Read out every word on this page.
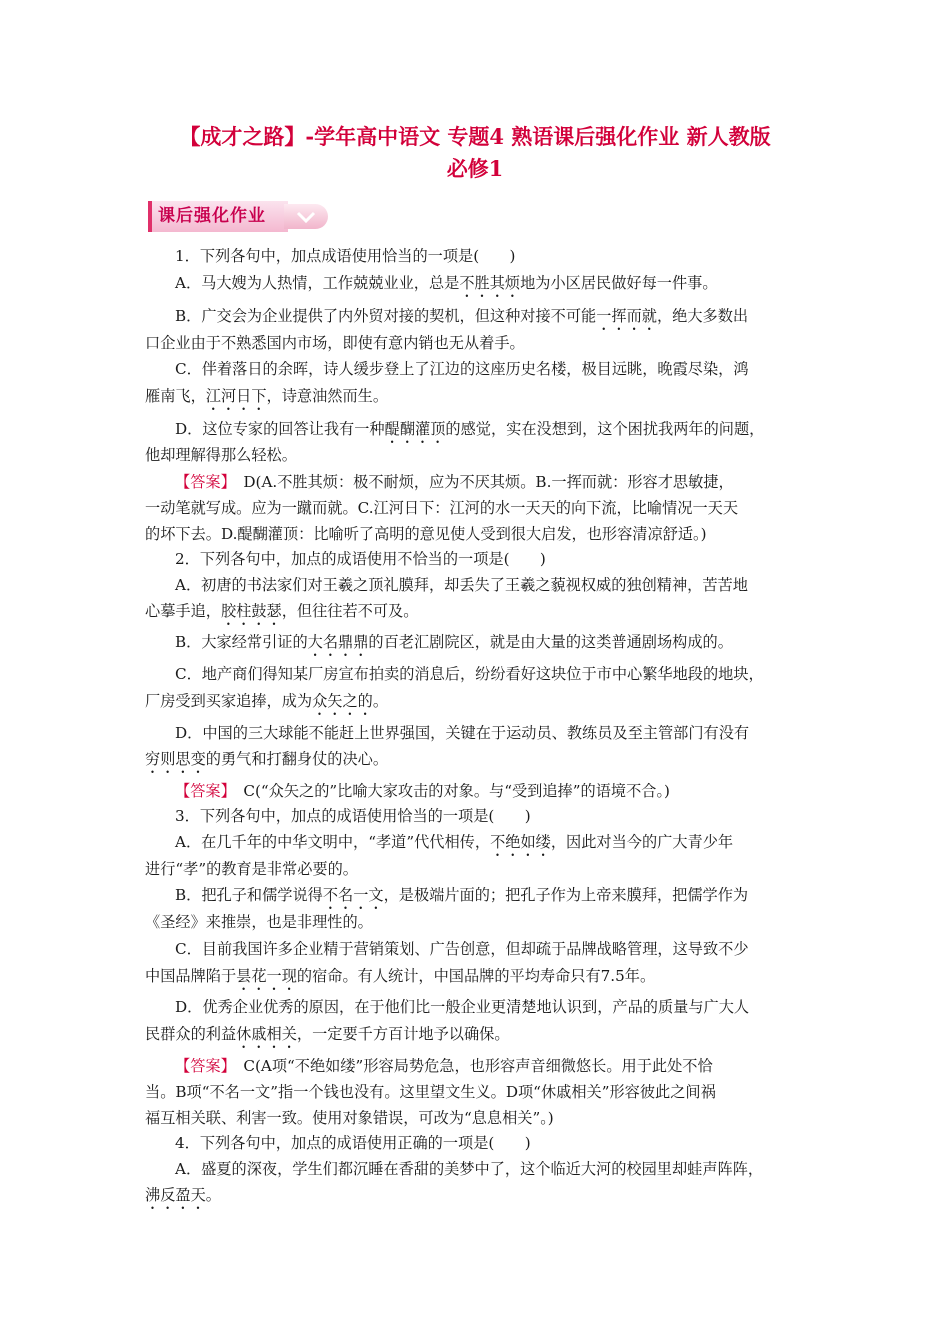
【成才之路】-学年高中语文 专题4 熟语课后强化作业 新人教版
必修1
课后强化作业
1．下列各句中，加点成语使用恰当的一项是(　　)
A．马大嫂为人热情，工作兢兢业业，总是不胜其烦地为小区居民做好每一件事。
B．广交会为企业提供了内外贸对接的契机，但这种对接不可能一挥而就，绝大多数出
口企业由于不熟悉国内市场，即使有意内销也无从着手。
C．伴着落日的余晖，诗人缓步登上了江边的这座历史名楼，极目远眺，晚霞尽染，鸿
雁南飞，江河日下，诗意油然而生。
D．这位专家的回答让我有一种醍醐灌顶的感觉，实在没想到，这个困扰我两年的问题，
他却理解得那么轻松。
【答案】　D(A.不胜其烦：极不耐烦，应为不厌其烦。B.一挥而就：形容才思敏捷，
一动笔就写成。应为一蹴而就。C.江河日下：江河的水一天天的向下流，比喻情况一天天
的坏下去。D.醍醐灌顶：比喻听了高明的意见使人受到很大启发，也形容清凉舒适。)
2．下列各句中，加点的成语使用不恰当的一项是(　　)
A．初唐的书法家们对王羲之顶礼膜拜，却丢失了王羲之藐视权威的独创精神，苦苦地
心摹手追，胶柱鼓瑟，但往往若不可及。
B．大家经常引证的大名鼎鼎的百老汇剧院区，就是由大量的这类普通剧场构成的。
C．地产商们得知某厂房宣布拍卖的消息后，纷纷看好这块位于市中心繁华地段的地块，
厂房受到买家追捧，成为众矢之的。
D．中国的三大球能不能赶上世界强国，关键在于运动员、教练员及至主管部门有没有
穷则思变的勇气和打翻身仗的决心。
【答案】　C(“众矢之的”比喻大家攻击的对象。与“受到追捧”的语境不合。)
3．下列各句中，加点的成语使用恰当的一项是(　　)
A．在几千年的中华文明中，“孝道”代代相传，不绝如缕，因此对当今的广大青少年
进行“孝”的教育是非常必要的。
B．把孔子和儒学说得不名一文，是极端片面的；把孔子作为上帝来膜拜，把儒学作为
《圣经》来推崇，也是非理性的。
C．目前我国许多企业精于营销策划、广告创意，但却疏于品牌战略管理，这导致不少
中国品牌陷于昙花一现的宿命。有人统计，中国品牌的平均寿命只有7.5年。
D．优秀企业优秀的原因，在于他们比一般企业更清楚地认识到，产品的质量与广大人
民群众的利益休戚相关，一定要千方百计地予以确保。
【答案】　C(A项“不绝如缕”形容局势危急，也形容声音细微悠长。用于此处不恰
当。B项“不名一文”指一个钱也没有。这里望文生义。D项“休戚相关”形容彼此之间祸
福互相关联、利害一致。使用对象错误，可改为“息息相关”。)
4．下列各句中，加点的成语使用正确的一项是(　　)
A．盛夏的深夜，学生们都沉睡在香甜的美梦中了，这个临近大河的校园里却蛙声阵阵，
沸反盈天。
